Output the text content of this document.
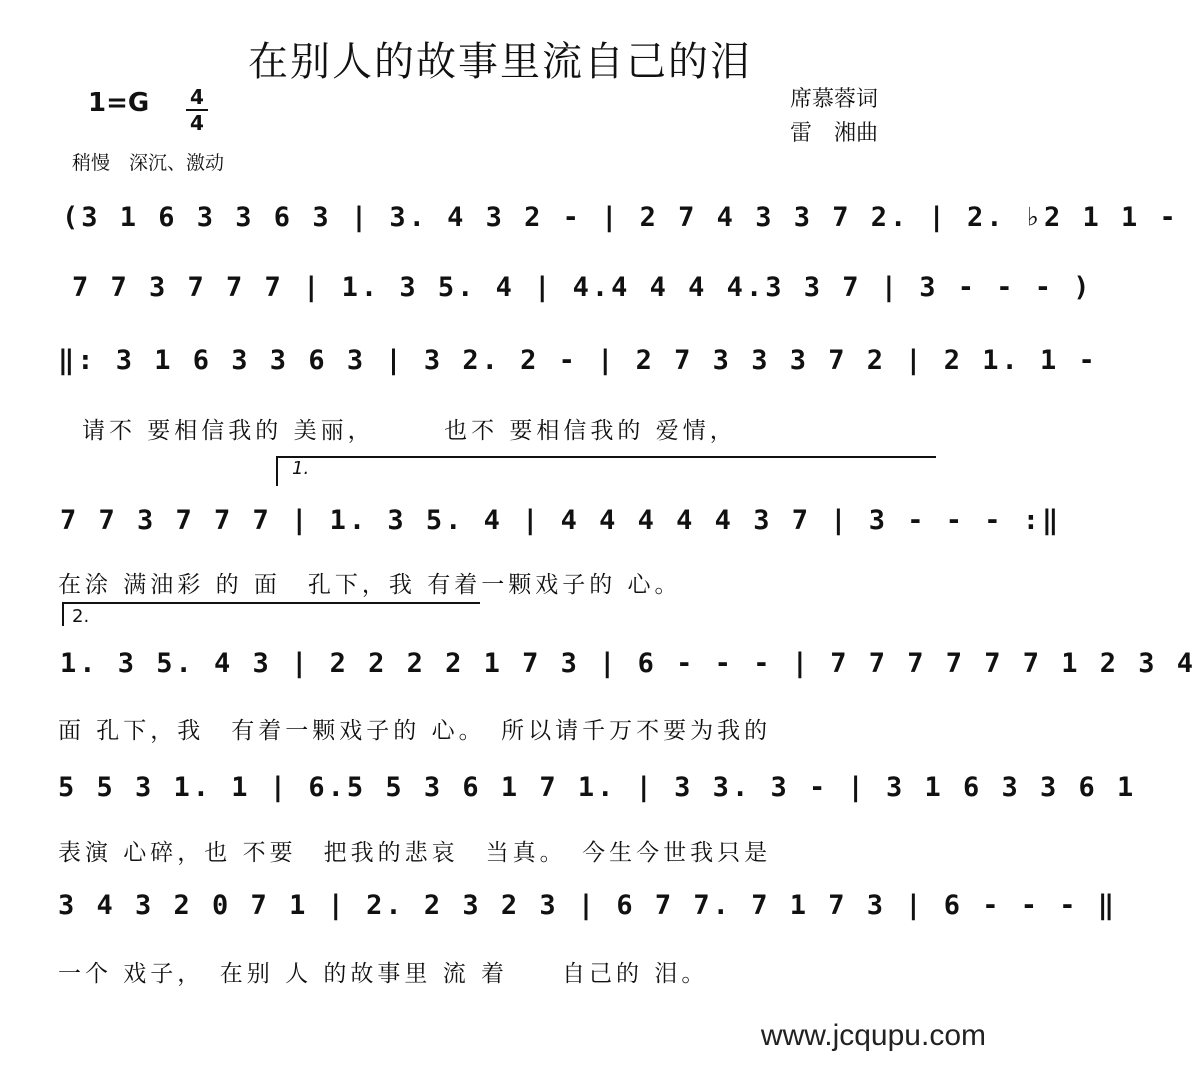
在别人的故事里流自己的泪
1=G	4
4
席慕蓉词
雷　湘曲
稍慢　深沉、激动
(3 1 6 3 3 6 3 | 3. 4 3 2 - | 2 7 4 3 3 7 2. | 2. ♭2 1 1 -
7 7 3 7 7 7 | 1. 3 5. 4 | 4.4 4 4 4.3 3 7 | 3 - - - )
‖: 3 1 6 3 3 6 3 | 3 2. 2 - | 2 7 3 3 3 7 2 | 2 1. 1 -
请不 要相信我的 美丽，　　　也不 要相信我的 爱情，
1.
7 7 3 7 7 7 | 1. 3 5. 4 | 4 4 4 4 4 3 7 | 3 - - - :‖
在涂 满油彩 的 面　孔下，我 有着一颗戏子的 心。
2.
1. 3 5. 4 3 | 2 2 2 2 1 7 3 | 6 - - - | 7 7 7 7 7 7 1 2 3 4
面 孔下，我　有着一颗戏子的 心。　所以请千万不要为我的
5 5 3 1. 1 | 6.5 5 3 6 1 7 1. | 3 3. 3 - | 3 1 6 3 3 6 1
表演 心碎，也 不要　把我的悲哀　当真。　今生今世我只是
3 4 3 2 0 7 1 | 2. 2 3 2 3 | 6 7 7. 7 1 7 3 | 6 - - - ‖
一个 戏子，　在别 人 的故事里 流 着　　自己的 泪。
www.jcqupu.com
